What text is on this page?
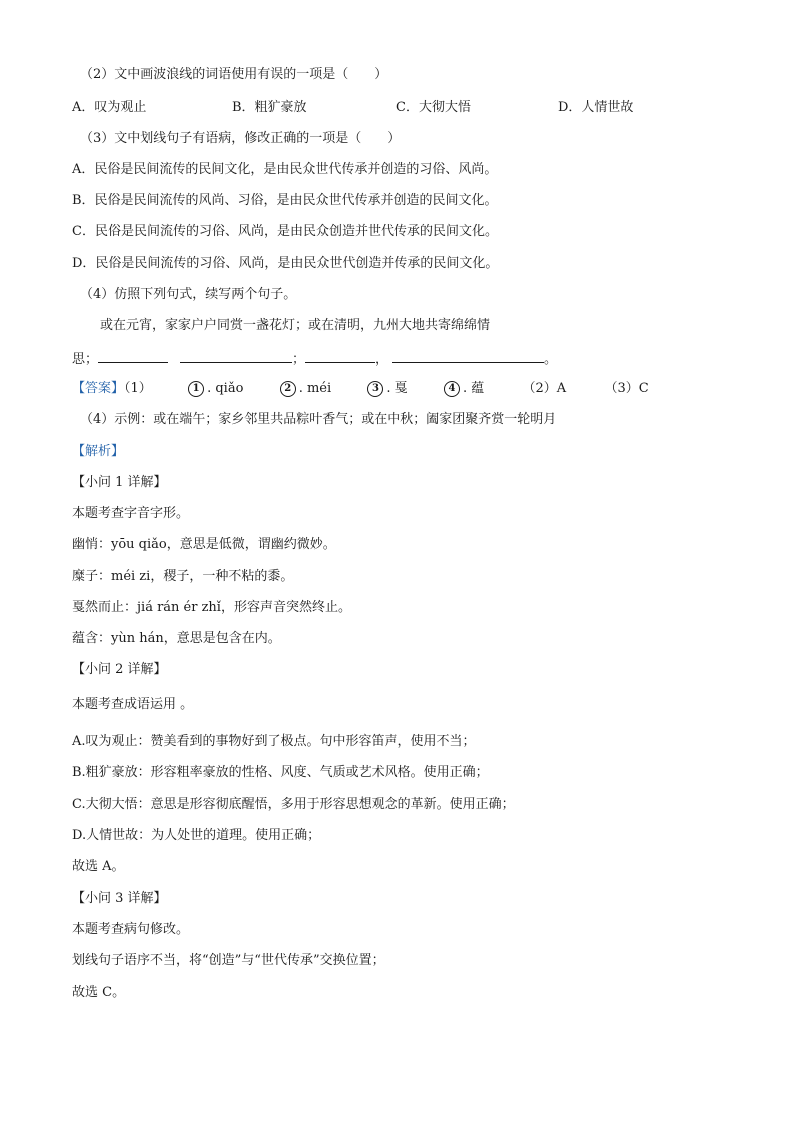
（2）文中画波浪线的词语使用有误的一项是（　　）
A．叹为观止	B．粗犷豪放	C．大彻大悟	D．人情世故
（3）文中划线句子有语病，修改正确的一项是（　　）
A．民俗是民间流传的民间文化，是由民众世代传承并创造的习俗、风尚。
B．民俗是民间流传的风尚、习俗，是由民众世代传承并创造的民间文化。
C．民俗是民间流传的习俗、风尚，是由民众创造并世代传承的民间文化。
D．民俗是民间流传的习俗、风尚，是由民众世代创造并传承的民间文化。
（4）仿照下列句式，续写两个句子。
或在元宵，家家户户同赏一盏花灯；或在清明，九州大地共寄绵绵情
思；	；	，	。
【答案】（1）	1 . qiǎo	2 . méi	3 . 戛	4 . 蕴	（2）A	（3）C
（4）示例：或在端午；家乡邻里共品粽叶香气；或在中秋；阖家团聚齐赏一轮明月
【解析】
【小问 1 详解】
本题考查字音字形。
幽悄：yōu qiǎo，意思是低微，谓幽约微妙。
糜子：méi zi，稷子，一种不粘的黍。
戛然而止：jiá rán ér zhǐ，形容声音突然终止。
蕴含：yùn hán，意思是包含在内。
【小问 2 详解】
本题考查成语运用 。
A.叹为观止：赞美看到的事物好到了极点。句中形容笛声，使用不当；
B.粗犷豪放：形容粗率豪放的性格、风度、气质或艺术风格。使用正确；
C.大彻大悟：意思是形容彻底醒悟，多用于形容思想观念的革新。使用正确；
D.人情世故：为人处世的道理。使用正确；
故选 A。
【小问 3 详解】
本题考查病句修改。
划线句子语序不当，将“创造”与“世代传承”交换位置；
故选 C。
